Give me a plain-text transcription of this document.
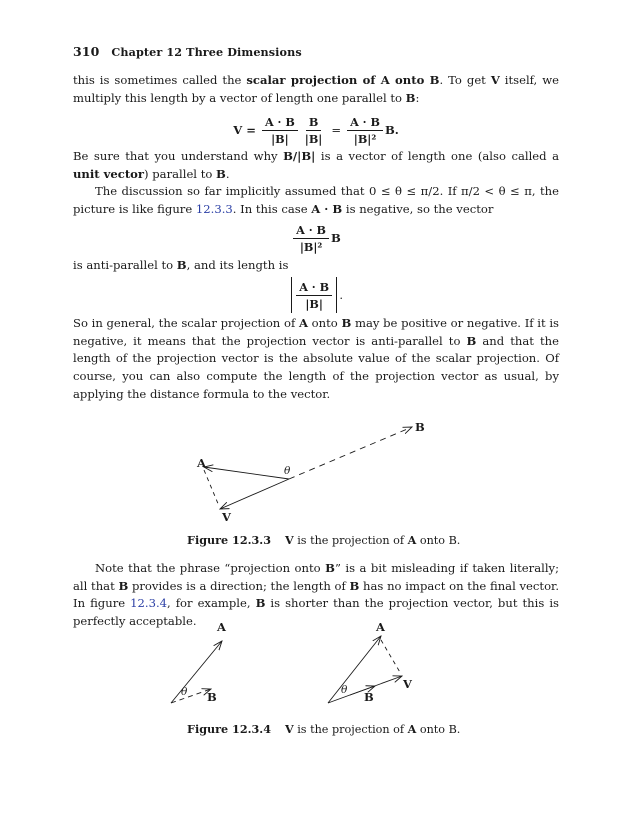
310 Chapter 12 Three Dimensions

this is sometimes called the scalar projection of A onto B. To get V itself, we multiply this length by a vector of length one parallel to B:

$V = \frac{A \cdot B}{|B|} \frac{B}{|B|} = \frac{A \cdot B}{\text{|B|²}} B$.

Be sure that you understand why B/|B| is a vector of length one (also called a unit vector) parallel to B.

The discussion so far implicitly assumed that 0 ≤ θ ≤ π/2. If π/2 < θ ≤ π, the picture is like figure 12.3.3. In this case A · B is negative, so the vector

$\frac{A \cdot B}{\text{|B|²}}$ B

is anti-parallel to B, and its length is

$\frac{A \cdot B}{|B|}$ .

So in general, the scalar projection of A onto B may be positive or negative. If it is negative, it means that the projection vector is anti-parallel to B and that the length of the projection vector is the absolute value of the scalar projection. Of course, you can also compute the length of the projection vector as usual, by applying the distance formula to the vector.

B
A
V
θ
A
B
θ
A
V
B
θ
Figure 12.3.3 V is the projection of A onto B.

Note that the phrase “projection onto B” is a bit misleading if taken literally; all that B provides is a direction; the length of B has no impact on the final vector. In figure 12.3.4, for example, B is shorter than the projection vector, but this is perfectly acceptable.

Figure 12.3.4 V is the projection of A onto B.
